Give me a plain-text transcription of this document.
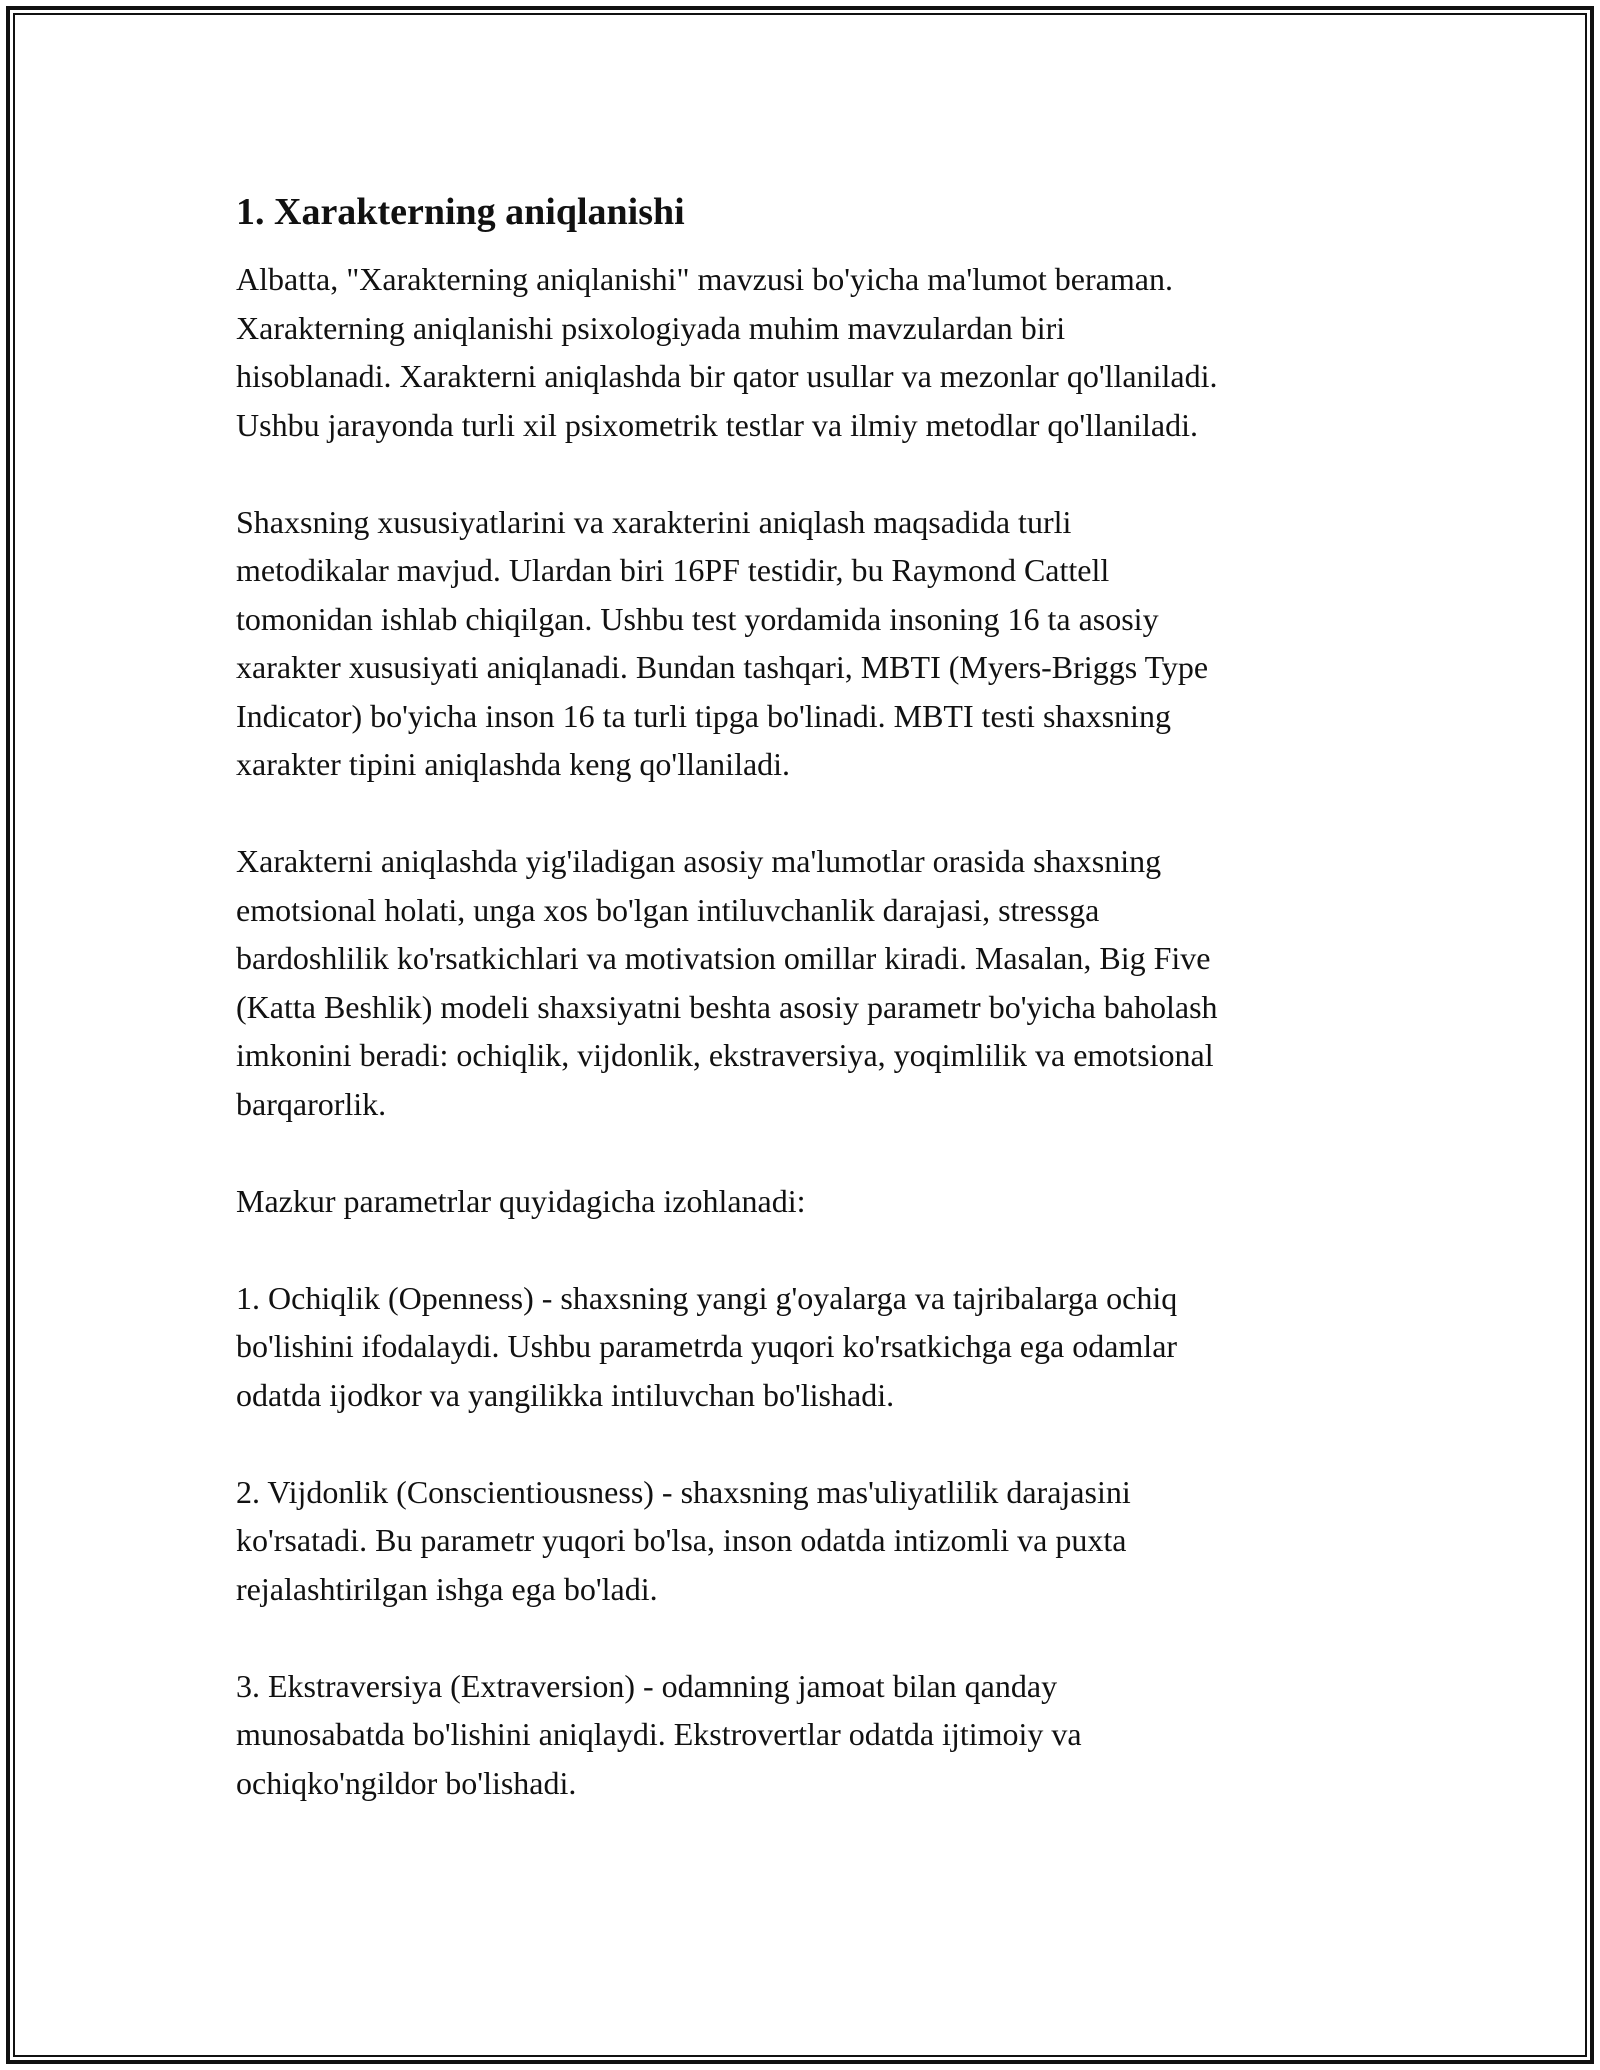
1. Xarakterning aniqlanishi
Albatta, "Xarakterning aniqlanishi" mavzusi bo'yicha ma'lumot beraman.
Xarakterning aniqlanishi psixologiyada muhim mavzulardan biri
hisoblanadi. Xarakterni aniqlashda bir qator usullar va mezonlar qo'llaniladi.
Ushbu jarayonda turli xil psixometrik testlar va ilmiy metodlar qo'llaniladi.
Shaxsning xususiyatlarini va xarakterini aniqlash maqsadida turli
metodikalar mavjud. Ulardan biri 16PF testidir, bu Raymond Cattell
tomonidan ishlab chiqilgan. Ushbu test yordamida insoning 16 ta asosiy
xarakter xususiyati aniqlanadi. Bundan tashqari, MBTI (Myers-Briggs Type
Indicator) bo'yicha inson 16 ta turli tipga bo'linadi. MBTI testi shaxsning
xarakter tipini aniqlashda keng qo'llaniladi.
Xarakterni aniqlashda yig'iladigan asosiy ma'lumotlar orasida shaxsning
emotsional holati, unga xos bo'lgan intiluvchanlik darajasi, stressga
bardoshlilik ko'rsatkichlari va motivatsion omillar kiradi. Masalan, Big Five
(Katta Beshlik) modeli shaxsiyatni beshta asosiy parametr bo'yicha baholash
imkonini beradi: ochiqlik, vijdonlik, ekstraversiya, yoqimlilik va emotsional
barqarorlik.
Mazkur parametrlar quyidagicha izohlanadi:
1. Ochiqlik (Openness) - shaxsning yangi g'oyalarga va tajribalarga ochiq
bo'lishini ifodalaydi. Ushbu parametrda yuqori ko'rsatkichga ega odamlar
odatda ijodkor va yangilikka intiluvchan bo'lishadi.
2. Vijdonlik (Conscientiousness) - shaxsning mas'uliyatlilik darajasini
ko'rsatadi. Bu parametr yuqori bo'lsa, inson odatda intizomli va puxta
rejalashtirilgan ishga ega bo'ladi.
3. Ekstraversiya (Extraversion) - odamning jamoat bilan qanday
munosabatda bo'lishini aniqlaydi. Ekstrovertlar odatda ijtimoiy va
ochiqko'ngildor bo'lishadi.
